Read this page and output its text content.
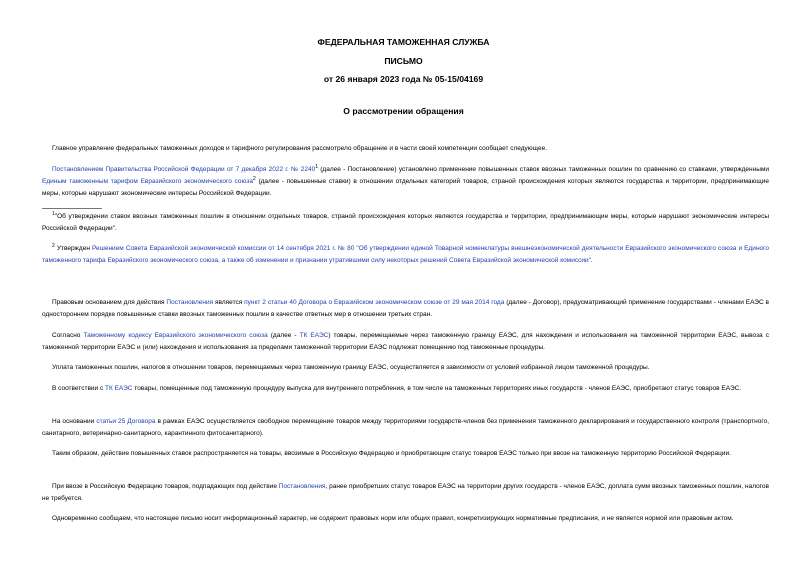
ФЕДЕРАЛЬНАЯ ТАМОЖЕННАЯ СЛУЖБА

ПИСЬМО

от 26 января 2023 года № 05-15/04169

О рассмотрении обращения

Главное управление федеральных таможенных доходов и тарифного регулирования рассмотрело обращение и в части своей компетенции сообщает следующее.

Постановлением Правительства Российской Федерации от 7 декабря 2022 г. № 2240$^1$ (далее - Постановление) установлено применение повышенных ставок ввозных таможенных пошлин по сравнению со ставками, утвержденными Единым таможенным тарифом Евразийского экономического союза$^2$ (далее - повышенные ставки) в отношении отдельных категорий товаров, страной происхождения которых являются государства и территории, предпринимающие меры, которые нарушают экономические интересы Российской Федерации.

$^1$"Об утверждении ставок ввозных таможенных пошлин в отношении отдельных товаров, страной происхождения которых являются государства и территории, предпринимающие меры, которые нарушают экономические интересы Российской Федерации".

$^2$ Утвержден Решением Совета Евразийской экономической комиссии от 14 сентября 2021 г. № 80 "Об утверждении единой Товарной номенклатуры внешнеэкономической деятельности Евразийского экономического союза и Единого таможенного тарифа Евразийского экономического союза, а также об изменении и признании утратившими силу некоторых решений Совета Евразийской экономической комиссии".

Правовым основанием для действия Постановления является пункт 2 статьи 40 Договора о Евразийском экономическом союзе от 29 мая 2014 года (далее - Договор), предусматривающий применение государствами - членами ЕАЭС в одностороннем порядке повышенные ставки ввозных таможенных пошлин в качестве ответных мер в отношении третьих стран.

Согласно Таможенному кодексу Евразийского экономического союза (далее - ТК ЕАЭС) товары, перемещаемые через таможенную границу ЕАЭС, для нахождения и использования на таможенной территории ЕАЭС, вывоза с таможенной территории ЕАЭС и (или) нахождения и использования за пределами таможенной территории ЕАЭС подлежат помещению под таможенные процедуры.

Уплата таможенных пошлин, налогов в отношении товаров, перемещаемых через таможенную границу ЕАЭС, осуществляется в зависимости от условий избранной лицом таможенной процедуры.

В соответствии с ТК ЕАЭС товары, помещенные под таможенную процедуру выпуска для внутреннего потребления, в том числе на таможенных территориях иных государств - членов ЕАЭС, приобретают статус товаров ЕАЭС.

На основании статьи 25 Договора в рамках ЕАЭС осуществляется свободное перемещение товаров между территориями государств-членов без применения таможенного декларирования и государственного контроля (транспортного, санитарного, ветеринарно-санитарного, карантинного фитосанитарного).

Таким образом, действие повышенных ставок распространяется на товары, ввозимые в Российскую Федерацию и приобретающие статус товаров ЕАЭС только при ввозе на таможенную территорию Российской Федерации.

При ввозе в Российскую Федерацию товаров, подпадающих под действие Постановления, ранее приобретших статус товаров ЕАЭС на территории других государств - членов ЕАЭС, доплата сумм ввозных таможенных пошлин, налогов не требуется.

Одновременно сообщаем, что настоящее письмо носит информационный характер, не содержит правовых норм или общих правил, конкретизирующих нормативные предписания, и не является нормой или правовым актом.
